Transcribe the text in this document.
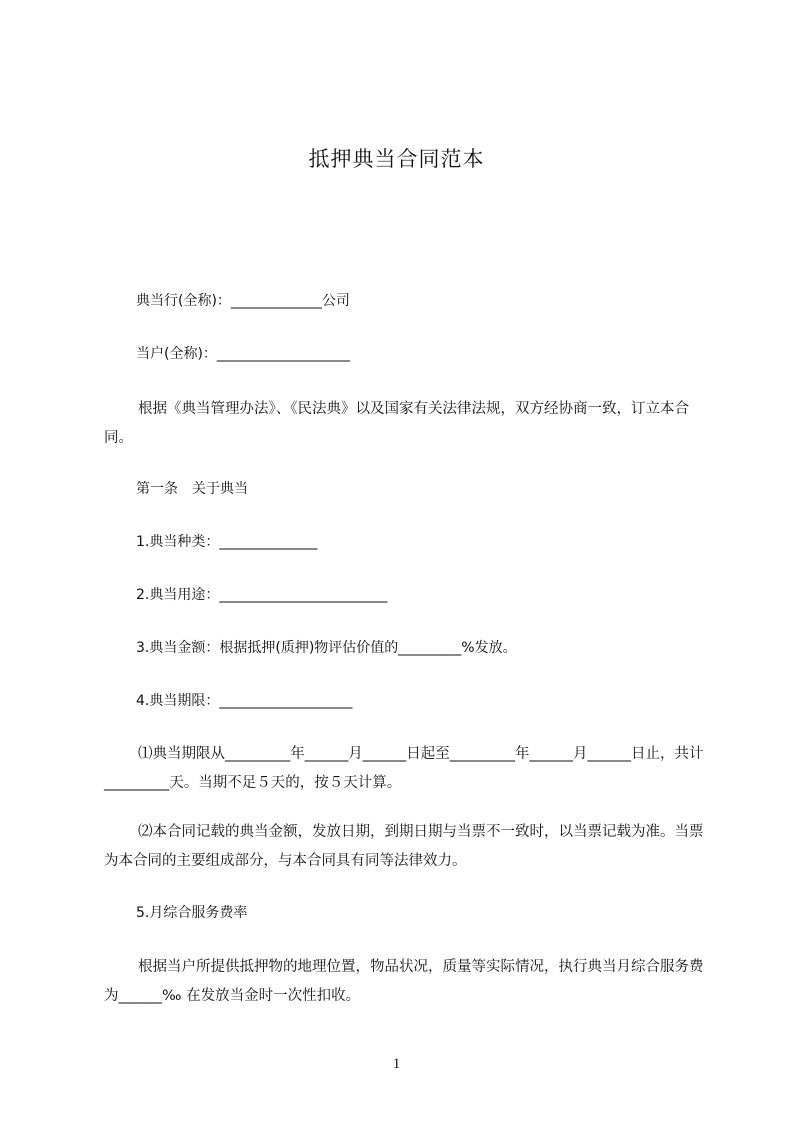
抵押典当合同范本
典当行(全称)：_____________公司
当户(全称)：___________________
根据《典当管理办法》、《民法典》以及国家有关法律法规，双方经协商一致，订立本合同。
第一条　关于典当
1.典当种类：______________
2.典当用途：________________________
3.典当金额：根据抵押(质押)物评估价值的_________%发放。
4.典当期限：___________________
⑴典当期限从_________年______月______日起至_________年______月______日止，共计_________天。当期不足５天的，按５天计算。
⑵本合同记载的典当金额，发放日期，到期日期与当票不一致时，以当票记载为准。当票为本合同的主要组成部分，与本合同具有同等法律效力。
5.月综合服务费率
根据当户所提供抵押物的地理位置，物品状况，质量等实际情况，执行典当月综合服务费为______‰ 在发放当金时一次性扣收。
1
